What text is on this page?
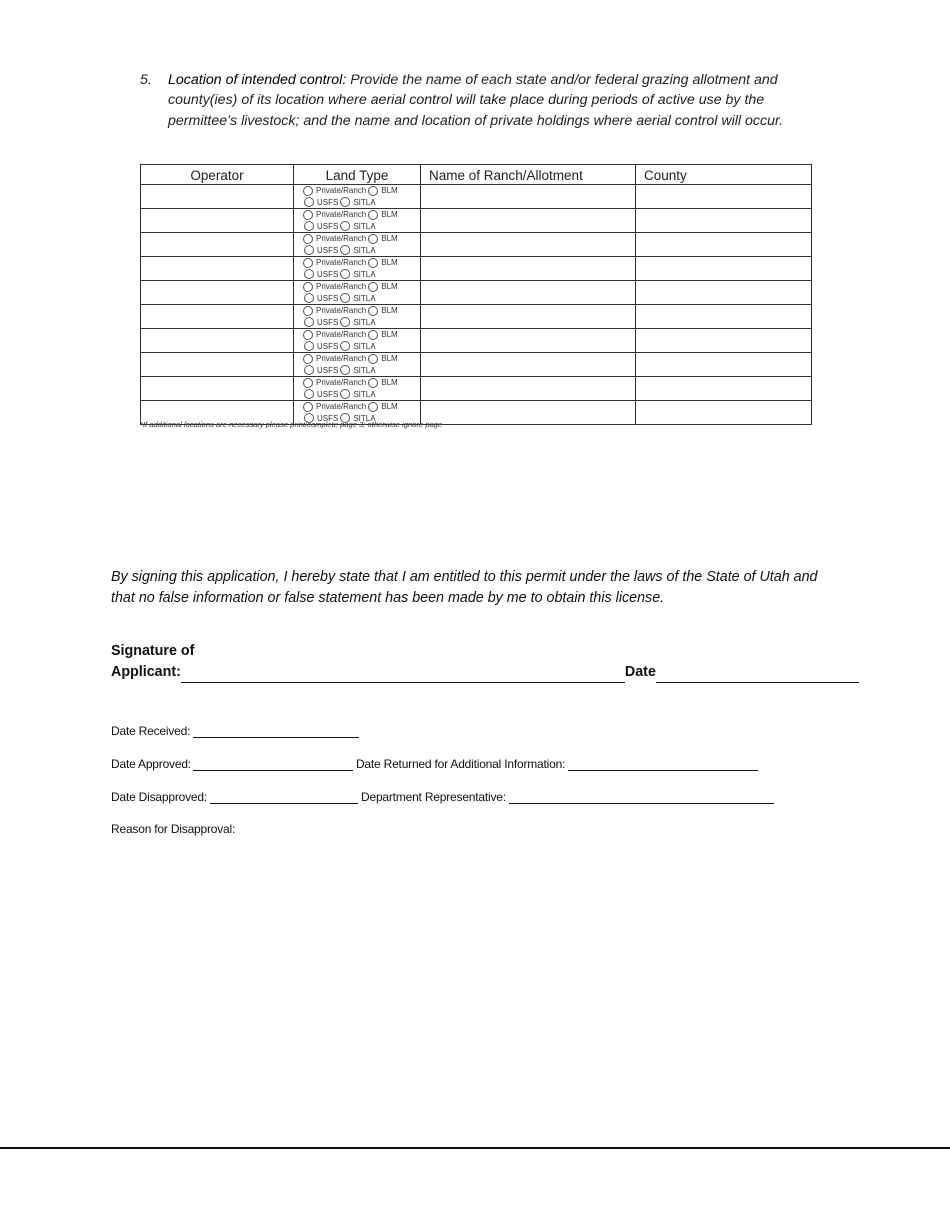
5. Location of intended control: Provide the name of each state and/or federal grazing allotment and county(ies) of its location where aerial control will take place during periods of active use by the permittee’s livestock; and the name and location of private holdings where aerial control will occur.
Operator	Land Type	Name of Ranch/Allotment	County

	Private/Ranch BLM
USFS SITLA		

	Private/Ranch BLM
USFS SITLA		

	Private/Ranch BLM
USFS SITLA		

	Private/Ranch BLM
USFS SITLA		

	Private/Ranch BLM
USFS SITLA		

	Private/Ranch BLM
USFS SITLA		

	Private/Ranch BLM
USFS SITLA		

	Private/Ranch BLM
USFS SITLA		

	Private/Ranch BLM
USFS SITLA		

	Private/Ranch BLM
USFS SITLA		

*If additional locations are necessary please print/complete page 3; otherwise ignore page
By signing this application, I hereby state that I am entitled to this permit under the laws of the State of Utah and that no false information or false statement has been made by me to obtain this license.
Signature of
Applicant:	Date
Date Received:
Date Approved:	Date Returned for Additional Information:
Date Disapproved:	Department Representative:
Reason for Disapproval:
